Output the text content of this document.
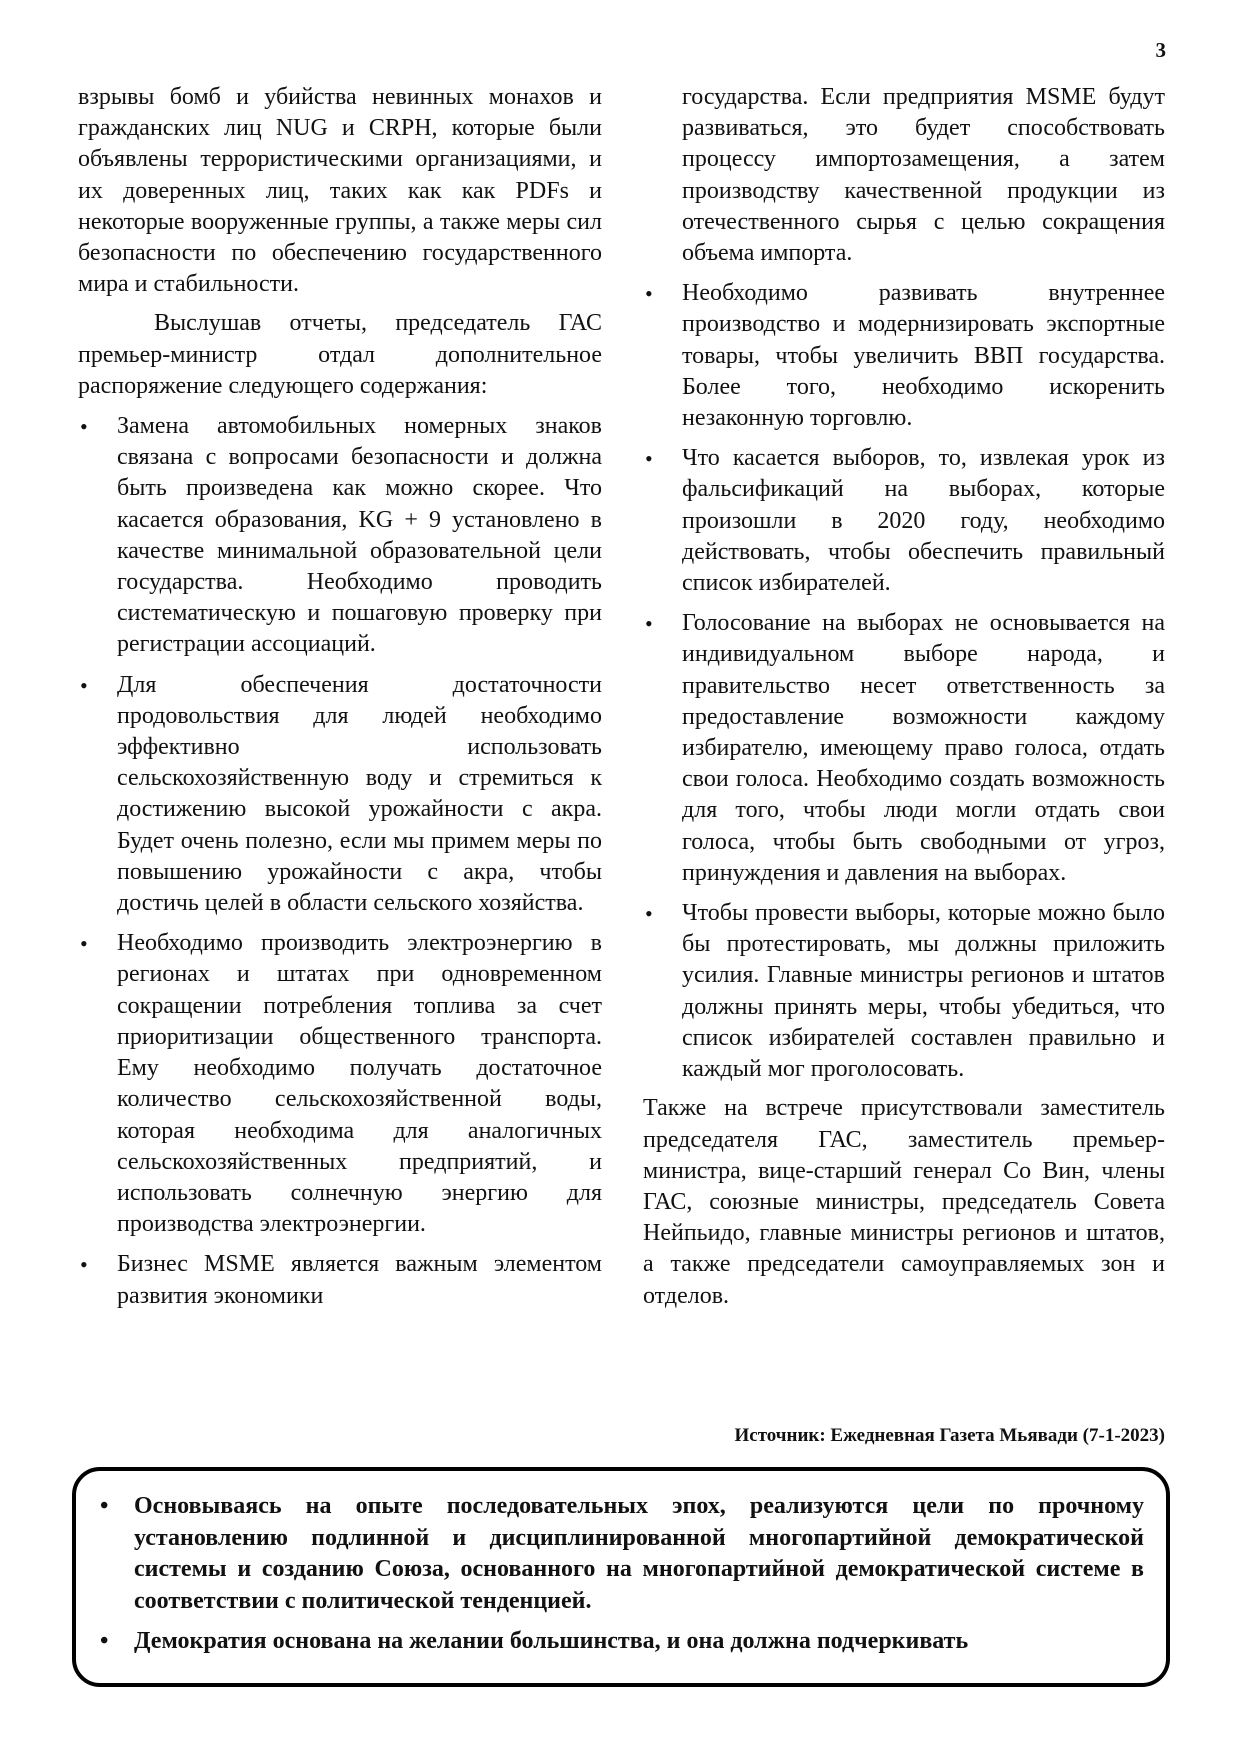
3

взрывы бомб и убийства невинных монахов и гражданских лиц NUG и CRPH, которые были объявлены террористическими организациями, и их доверенных лиц, таких как как PDFs и некоторые вооруженные группы, а также меры сил безопасности по обеспечению государственного мира и стабильности.

Выслушав отчеты, председатель ГАС премьер-министр отдал дополнительное распоряжение следующего содержания:

• Замена автомобильных номерных знаков связана с вопросами безопасности и должна быть произведена как можно скорее. Что касается образования, KG + 9 установлено в качестве минимальной образовательной цели государства. Необходимо проводить систематическую и пошаговую проверку при регистрации ассоциаций.
• Для обеспечения достаточности продовольствия для людей необходимо эффективно использовать сельскохозяйственную воду и стремиться к достижению высокой урожайности с акра. Будет очень полезно, если мы примем меры по повышению урожайности с акра, чтобы достичь целей в области сельского хозяйства.
• Необходимо производить электроэнергию в регионах и штатах при одновременном сокращении потребления топлива за счет приоритизации общественного транспорта. Ему необходимо получать достаточное количество сельскохозяйственной воды, которая необходима для аналогичных сельскохозяйственных предприятий, и использовать солнечную энергию для производства электроэнергии.
• Бизнес MSME является важным элементом развития экономики
государства. Если предприятия MSME будут развиваться, это будет способствовать процессу импортозамещения, а затем производству качественной продукции из отечественного сырья с целью сокращения объема импорта.
• Необходимо развивать внутреннее производство и модернизировать экспортные товары, чтобы увеличить ВВП государства. Более того, необходимо искоренить незаконную торговлю.
• Что касается выборов, то, извлекая урок из фальсификаций на выборах, которые произошли в 2020 году, необходимо действовать, чтобы обеспечить правильный список избирателей.
• Голосование на выборах не основывается на индивидуальном выборе народа, и правительство несет ответственность за предоставление возможности каждому избирателю, имеющему право голоса, отдать свои голоса. Необходимо создать возможность для того, чтобы люди могли отдать свои голоса, чтобы быть свободными от угроз, принуждения и давления на выборах.
• Чтобы провести выборы, которые можно было бы протестировать, мы должны приложить усилия. Главные министры регионов и штатов должны принять меры, чтобы убедиться, что список избирателей составлен правильно и каждый мог проголосовать.

Также на встрече присутствовали заместитель председателя ГАС, заместитель премьер-министра, вице-старший генерал Со Вин, члены ГАС, союзные министры, председатель Совета Нейпьидо, главные министры регионов и штатов, а также председатели самоуправляемых зон и отделов.

Источник: Ежедневная Газета Мьявади (7-1-2023)
• Основываясь на опыте последовательных эпох, реализуются цели по прочному установлению подлинной и дисциплинированной многопартийной демократической системы и созданию Союза, основанного на многопартийной демократической системе в соответствии с политической тенденцией.
• Демократия основана на желании большинства, и она должна подчеркивать
